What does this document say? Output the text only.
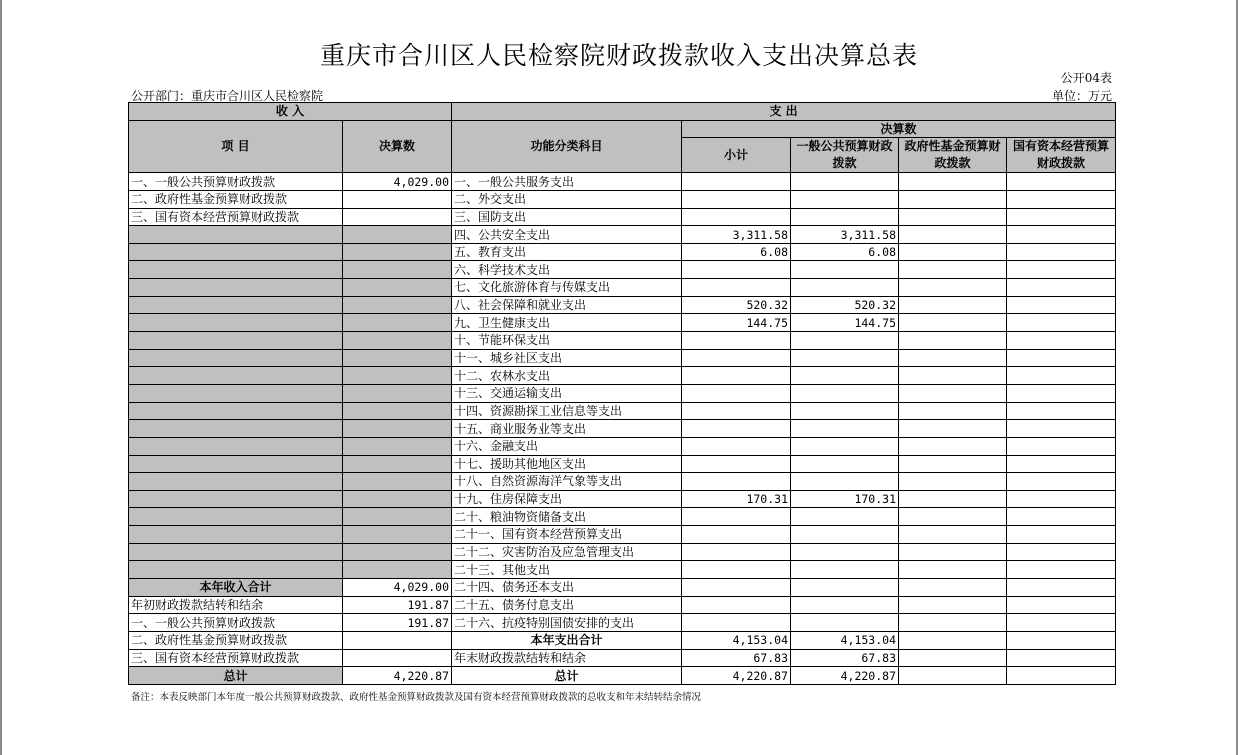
重庆市合川区人民检察院财政拨款收入支出决算总表
公开04表
公开部门：重庆市合川区人民检察院	单位：万元
收 入		支 出				
项 目	决算数	功能分类科目	决算数			
			小计	一般公共预算财政拨款	政府性基金预算财政拨款	国有资本经营预算财政拨款
一、一般公共预算财政拨款	4,029.00	一、一般公共服务支出				
二、政府性基金预算财政拨款		二、外交支出				
三、国有资本经营预算财政拨款		三、国防支出				
		四、公共安全支出	3,311.58	3,311.58		
		五、教育支出	6.08	6.08		
		六、科学技术支出				
		七、文化旅游体育与传媒支出				
		八、社会保障和就业支出	520.32	520.32		
		九、卫生健康支出	144.75	144.75		
		十、节能环保支出				
		十一、城乡社区支出				
		十二、农林水支出				
		十三、交通运输支出				
		十四、资源勘探工业信息等支出				
		十五、商业服务业等支出				
		十六、金融支出				
		十七、援助其他地区支出				
		十八、自然资源海洋气象等支出				
		十九、住房保障支出	170.31	170.31		
		二十、粮油物资储备支出				
		二十一、国有资本经营预算支出				
		二十二、灾害防治及应急管理支出				
		二十三、其他支出				
本年收入合计	4,029.00	二十四、债务还本支出				
年初财政拨款结转和结余	191.87	二十五、债务付息支出				
一、一般公共预算财政拨款	191.87	二十六、抗疫特别国债安排的支出				
二、政府性基金预算财政拨款		本年支出合计	4,153.04	4,153.04		
三、国有资本经营预算财政拨款		年末财政拨款结转和结余	67.83	67.83		
总计	4,220.87	总计	4,220.87	4,220.87		
备注：本表反映部门本年度一般公共预算财政拨款、政府性基金预算财政拨款及国有资本经营预算财政拨款的总收支和年末结转结余情况
